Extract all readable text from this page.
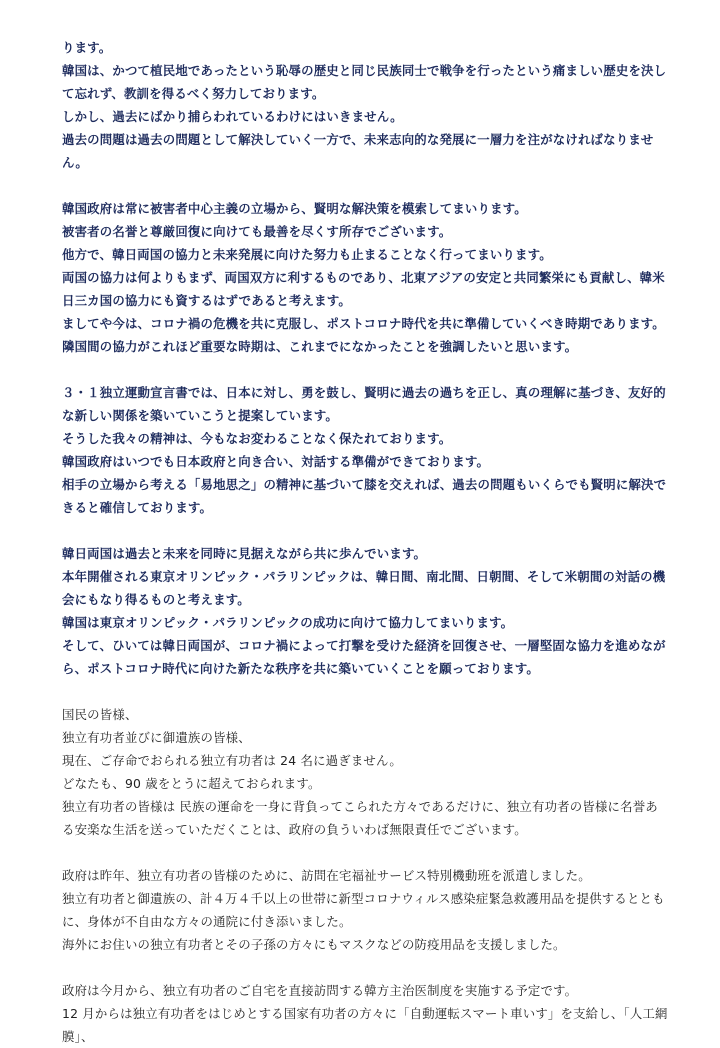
ります。

韓国は、かつて植民地であったという恥辱の歴史と同じ民族同士で戦争を行ったという痛ましい歴史を決して忘れず、教訓を得るべく努力しております。

しかし、過去にばかり捕らわれているわけにはいきません。

過去の問題は過去の問題として解決していく一方で、未来志向的な発展に一層力を注がなければなりません。

韓国政府は常に被害者中心主義の立場から、賢明な解決策を模索してまいります。

被害者の名誉と尊厳回復に向けても最善を尽くす所存でございます。

他方で、韓日両国の協力と未来発展に向けた努力も止まることなく行ってまいります。

両国の協力は何よりもまず、両国双方に利するものであり、北東アジアの安定と共同繁栄にも貢献し、韓米日三カ国の協力にも資するはずであると考えます。

ましてや今は、コロナ禍の危機を共に克服し、ポストコロナ時代を共に準備していくべき時期であります。

隣国間の協力がこれほど重要な時期は、これまでになかったことを強調したいと思います。

３・１独立運動宣言書では、日本に対し、勇を鼓し、賢明に過去の過ちを正し、真の理解に基づき、友好的な新しい関係を築いていこうと提案しています。

そうした我々の精神は、今もなお変わることなく保たれております。

韓国政府はいつでも日本政府と向き合い、対話する準備ができております。

相手の立場から考える「易地思之」の精神に基づいて膝を交えれば、過去の問題もいくらでも賢明に解決できると確信しております。

韓日両国は過去と未来を同時に見据えながら共に歩んでいます。

本年開催される東京オリンピック・パラリンピックは、韓日間、南北間、日朝間、そして米朝間の対話の機会にもなり得るものと考えます。

韓国は東京オリンピック・パラリンピックの成功に向けて協力してまいります。

そして、ひいては韓日両国が、コロナ禍によって打撃を受けた経済を回復させ、一層堅固な協力を進めながら、ポストコロナ時代に向けた新たな秩序を共に築いていくことを願っております。

国民の皆様、

独立有功者並びに御遺族の皆様、

現在、ご存命でおられる独立有功者は 24 名に過ぎません。

どなたも、90 歳をとうに超えておられます。

独立有功者の皆様は 民族の運命を一身に背負ってこられた方々であるだけに、独立有功者の皆様に名誉ある安楽な生活を送っていただくことは、政府の負ういわば無限責任でございます。

政府は昨年、独立有功者の皆様のために、訪問在宅福祉サービス特別機動班を派遣しました。

独立有功者と御遺族の、計４万４千以上の世帯に新型コロナウィルス感染症緊急救護用品を提供するとともに、身体が不自由な方々の通院に付き添いました。

海外にお住いの独立有功者とその子孫の方々にもマスクなどの防疫用品を支援しました。

政府は今月から、独立有功者のご自宅を直接訪問する韓方主治医制度を実施する予定です。

12 月からは独立有功者をはじめとする国家有功者の方々に「自動運転スマート車いす」を支給し、「人工網膜」、
